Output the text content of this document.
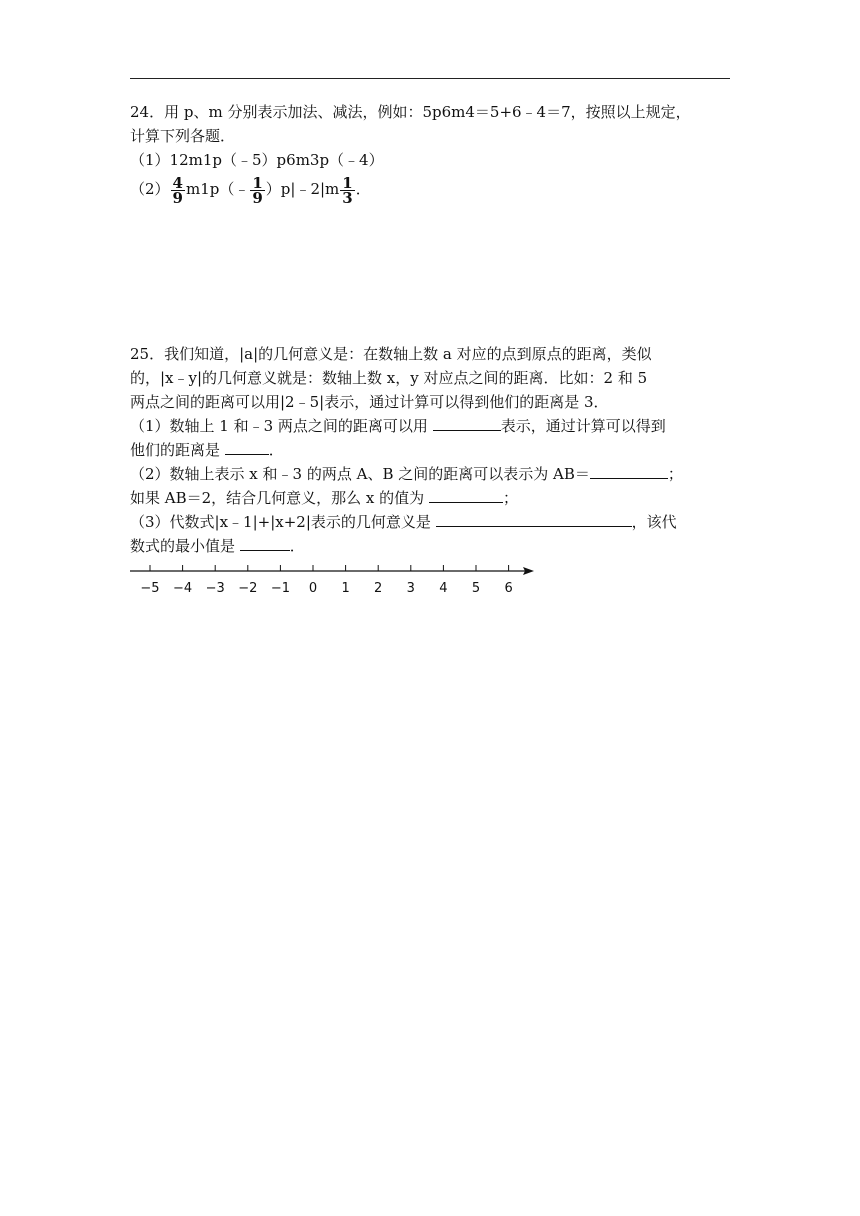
24．用 p、m 分别表示加法、减法，例如：5p6m4＝5+6﹣4＝7，按照以上规定，
计算下列各题．
（1）12m1p（﹣5）p6m3p（﹣4）
$(2) \frac{4}{9}$ m1p（﹣ $\frac{1}{9}$ ）p|﹣2|m $\frac{1}{3}$ ．
25．我们知道，|a|的几何意义是：在数轴上数 a 对应的点到原点的距离，类似
的，|x﹣y|的几何意义就是：数轴上数 x，y 对应点之间的距离．比如：2 和 5
两点之间的距离可以用|2﹣5|表示，通过计算可以得到他们的距离是 3．
（1）数轴上 1 和﹣3 两点之间的距离可以用	表示，通过计算可以得到
他们的距离是	．
（2）数轴上表示 x 和﹣3 的两点 A、B 之间的距离可以表示为 AB＝	；
如果 AB＝2，结合几何意义，那么 x 的值为	；
（3）代数式|x﹣1|+|x+2|表示的几何意义是	，该代
数式的最小值是	．
−5 −4 −3 −2 −1 0 1 2 3 4 5 6
